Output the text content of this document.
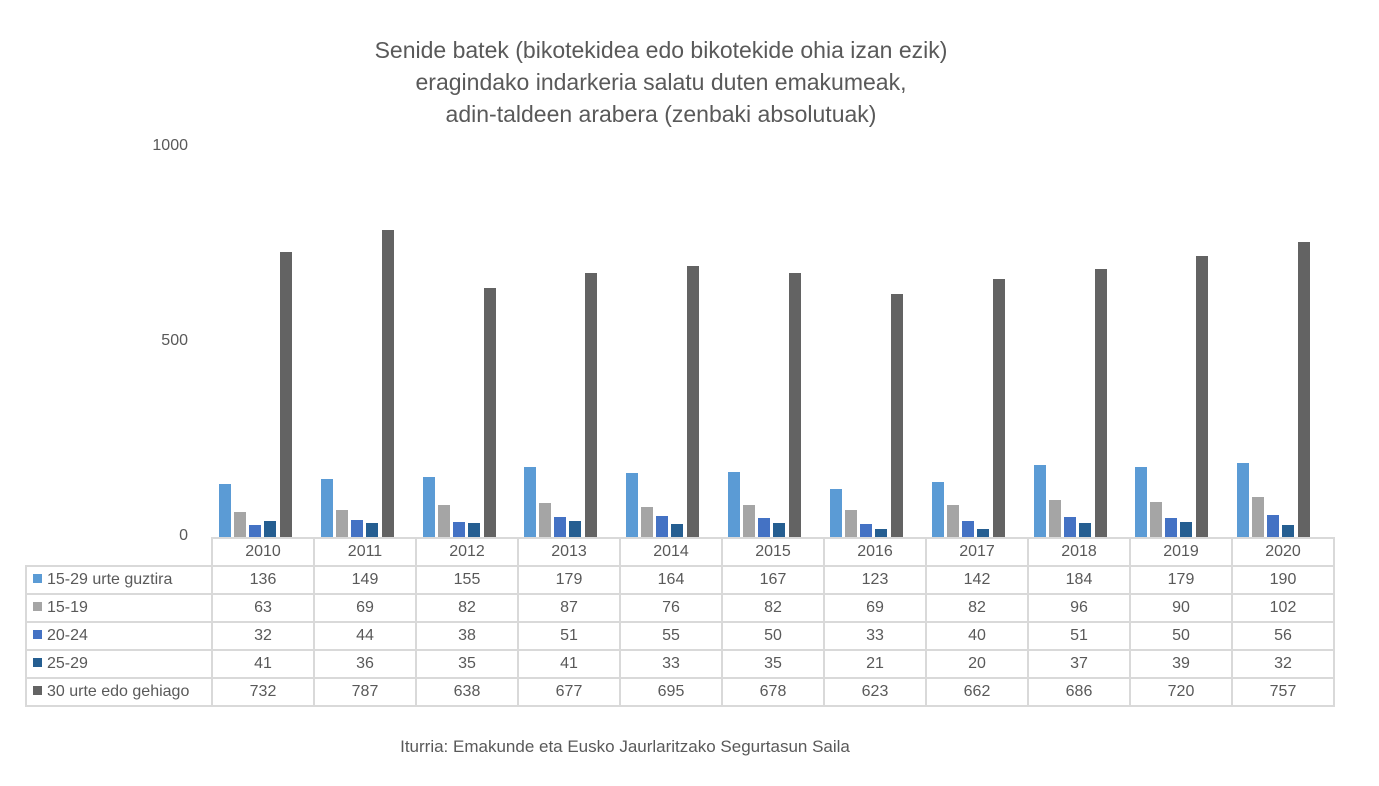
Senide batek (bikotekidea edo bikotekide ohia izan ezik)
eragindako indarkeria salatu duten emakumeak,
adin-taldeen arabera (zenbaki absolutuak)
1000
500
0
	2010	2011	2012	2013	2014	2015	2016	2017	2018	2019	2020
15-29 urte guztira	136	149	155	179	164	167	123	142	184	179	190
15-19	63	69	82	87	76	82	69	82	96	90	102
20-24	32	44	38	51	55	50	33	40	51	50	56
25-29	41	36	35	41	33	35	21	20	37	39	32
30 urte edo gehiago	732	787	638	677	695	678	623	662	686	720	757
Iturria: Emakunde eta Eusko Jaurlaritzako Segurtasun Saila
